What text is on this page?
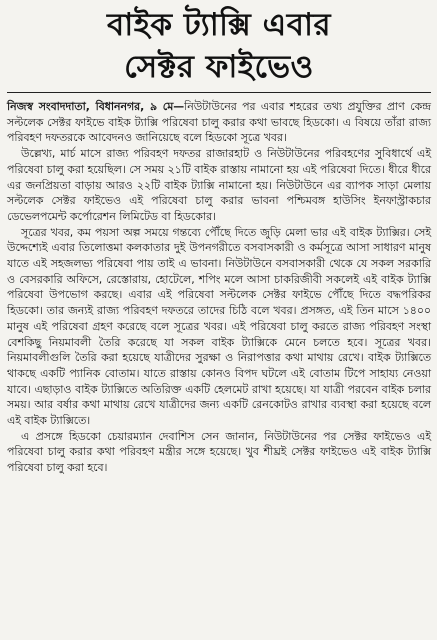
বাইক ট্যাক্সি এবার
সেক্টর ফাইভেও

নিজস্ব সংবাদদাতা, বিধাননগর, ৯ মে—নিউটাউনের পর এবার শহরের তথ্য প্রযুক্তির প্রাণ কেন্দ্র সল্টলেক সেক্টর ফাইভে বাইক ট্যাক্সি পরিষেবা চালু করার কথা ভাবছে হিডকো। এ বিষয়ে তাঁরা রাজ্য পরিবহণ দফতরকে আবেদনও জানিয়েছে বলে হিডকো সূত্রে খবর।

উল্লেখ্য, মার্চ মাসে রাজ্য পরিবহণ দফতর রাজারহাট ও নিউটাউনের পরিবহণের সুবিধার্থে এই পরিষেবা চালু করা হয়েছিল। সে সময় ২১টি বাইক রাস্তায় নামানো হয় এই পরিষেবা দিতে। ধীরে ধীরে এর জনপ্রিয়তা বাড়ায় আরও ২২টি বাইক ট্যাক্সি নামানো হয়। নিউটাউনে এর ব্যাপক সাড়া মেলায় সল্টলেক সেক্টর ফাইভেও এই পরিষেবা চালু করার ভাবনা পশ্চিমবঙ্গ হাউসিং ইনফাস্ট্রাকচার ডেভেলপমেন্ট কর্পোরেশন লিমিটেড বা হিডকোর।

সূত্রের খবর, কম পয়সা অল্প সময়ে গন্তব্যে পৌঁছে দিতে জুড়ি মেলা ভার এই বাইক ট্যাক্সির। সেই উদ্দেশ্যেই এবার তিলোত্তমা কলকাতার দুই উপনগরীতে বসবাসকারী ও কর্মসূত্রে আসা সাধারণ মানুষ যাতে এই সহজলভ্য পরিষেবা পায় তাই এ ভাবনা। নিউটাউনে বসবাসকারী থেকে যে সকল সরকারি ও বেসরকারি অফিসে, রেস্তোরায়, হোটেলে, শপিং মলে আসা চাকরিজীবী সকলেই এই বাইক ট্যাক্সি পরিষেবা উপভোগ করছে। এবার এই পরিষেবা সল্টলেক সেক্টর ফাইভে পৌঁছে দিতে বদ্ধপরিকর হিডকো। তার জন্যই রাজ্য পরিবহণ দফতরে তাদের চিঠি বলে খবর। প্রসঙ্গত, এই তিন মাসে ১৪০০ মানুষ এই পরিষেবা গ্রহণ করেছে বলে সূত্রের খবর। এই পরিষেবা চালু করতে রাজ্য পরিবহণ সংস্থা বেশকিছু নিয়মাবলী তৈরি করেছে যা সকল বাইক ট্যাক্সিকে মেনে চলতে হবে। সূত্রের খবর। নিয়মাবলীগুলি তৈরি করা হয়েছে যাত্রীদের সুরক্ষা ও নিরাপত্তার কথা মাথায় রেখে। বাইক ট্যাক্সিতে থাকছে একটি প্যানিক বোতাম। যাতে রাস্তায় কোনও বিপদ ঘটলে এই বোতাম টিপে সাহায্য নেওয়া যাবে। এছাড়াও বাইক ট্যাক্সিতে অতিরিক্ত একটি হেলমেট রাখা হয়েছে। যা যাত্রী পরবেন বাইক চলার সময়। আর বর্ষার কথা মাথায় রেখে যাত্রীদের জন্য একটি রেনকোটও রাখার ব্যবস্থা করা হয়েছে বলে এই বাইক ট্যাক্সিতে।

এ প্রসঙ্গে হিডকো চেয়ারম্যান দেবাশিস সেন জানান, নিউটাউনের পর সেক্টর ফাইভেও এই পরিষেবা চালু করার কথা পরিবহণ মন্ত্রীর সঙ্গে হয়েছে। খুব শীঘ্রই সেক্টর ফাইভেও এই বাইক ট্যাক্সি পরিষেবা চালু করা হবে।
